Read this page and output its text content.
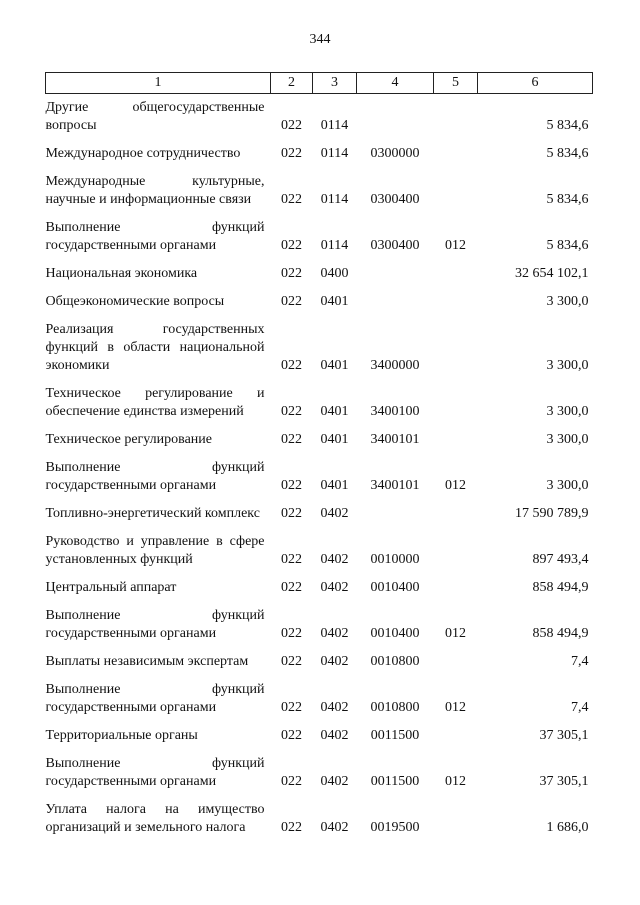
344
1	2	3	4	5	6
Другие общегосударственные вопросы	022	0114			5 834,6
Международное сотрудничество	022	0114	0300000		5 834,6
Международные культурные, научные и информационные связи	022	0114	0300400		5 834,6
Выполнение функций государственными органами	022	0114	0300400	012	5 834,6
Национальная экономика	022	0400			32 654 102,1
Общеэкономические вопросы	022	0401			3 300,0
Реализация государственных функций в области национальной экономики	022	0401	3400000		3 300,0
Техническое регулирование и обеспечение единства измерений	022	0401	3400100		3 300,0
Техническое регулирование	022	0401	3400101		3 300,0
Выполнение функций государственными органами	022	0401	3400101	012	3 300,0
Топливно-энергетический комплекс	022	0402			17 590 789,9
Руководство и управление в сфере установленных функций	022	0402	0010000		897 493,4
Центральный аппарат	022	0402	0010400		858 494,9
Выполнение функций государственными органами	022	0402	0010400	012	858 494,9
Выплаты независимым экспертам	022	0402	0010800		7,4
Выполнение функций государственными органами	022	0402	0010800	012	7,4
Территориальные органы	022	0402	0011500		37 305,1
Выполнение функций государственными органами	022	0402	0011500	012	37 305,1
Уплата налога на имущество организаций и земельного налога	022	0402	0019500		1 686,0
